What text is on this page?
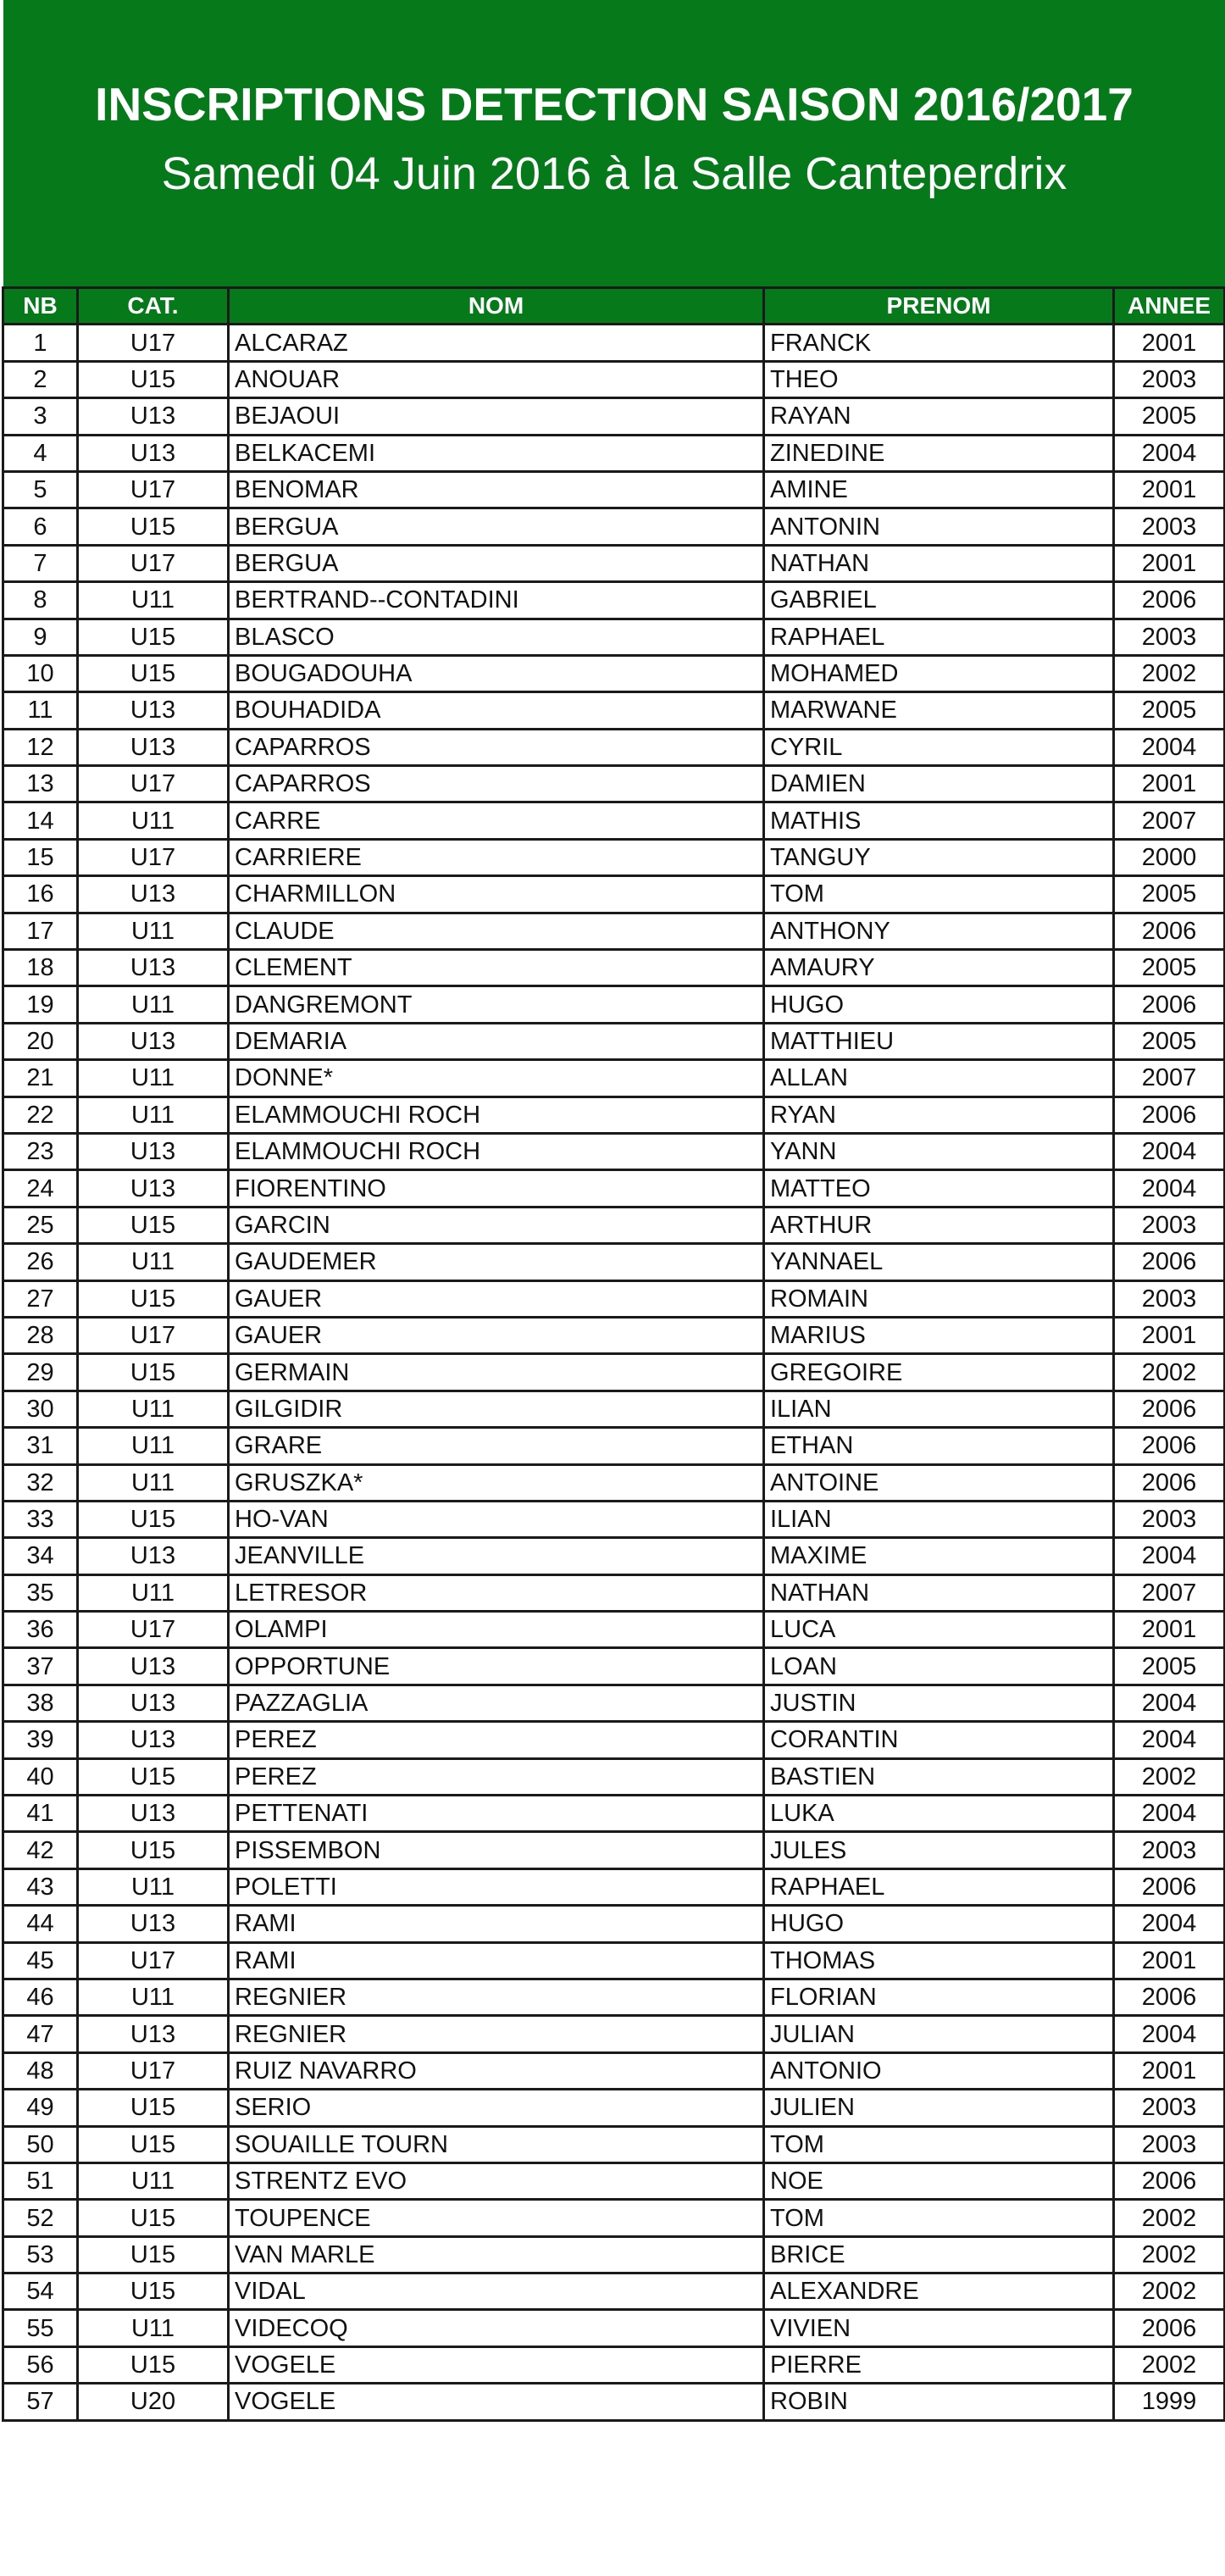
INSCRIPTIONS DETECTION SAISON 2016/2017
Samedi 04 Juin 2016 à la Salle Canteperdrix
NB	CAT.	NOM	PRENOM	ANNEE
1	U17	ALCARAZ	FRANCK	2001
2	U15	ANOUAR	THEO	2003
3	U13	BEJAOUI	RAYAN	2005
4	U13	BELKACEMI	ZINEDINE	2004
5	U17	BENOMAR	AMINE	2001
6	U15	BERGUA	ANTONIN	2003
7	U17	BERGUA	NATHAN	2001
8	U11	BERTRAND--CONTADINI	GABRIEL	2006
9	U15	BLASCO	RAPHAEL	2003
10	U15	BOUGADOUHA	MOHAMED	2002
11	U13	BOUHADIDA	MARWANE	2005
12	U13	CAPARROS	CYRIL	2004
13	U17	CAPARROS	DAMIEN	2001
14	U11	CARRE	MATHIS	2007
15	U17	CARRIERE	TANGUY	2000
16	U13	CHARMILLON	TOM	2005
17	U11	CLAUDE	ANTHONY	2006
18	U13	CLEMENT	AMAURY	2005
19	U11	DANGREMONT	HUGO	2006
20	U13	DEMARIA	MATTHIEU	2005
21	U11	DONNE*	ALLAN	2007
22	U11	ELAMMOUCHI ROCH	RYAN	2006
23	U13	ELAMMOUCHI ROCH	YANN	2004
24	U13	FIORENTINO	MATTEO	2004
25	U15	GARCIN	ARTHUR	2003
26	U11	GAUDEMER	YANNAEL	2006
27	U15	GAUER	ROMAIN	2003
28	U17	GAUER	MARIUS	2001
29	U15	GERMAIN	GREGOIRE	2002
30	U11	GILGIDIR	ILIAN	2006
31	U11	GRARE	ETHAN	2006
32	U11	GRUSZKA*	ANTOINE	2006
33	U15	HO-VAN	ILIAN	2003
34	U13	JEANVILLE	MAXIME	2004
35	U11	LETRESOR	NATHAN	2007
36	U17	OLAMPI	LUCA	2001
37	U13	OPPORTUNE	LOAN	2005
38	U13	PAZZAGLIA	JUSTIN	2004
39	U13	PEREZ	CORANTIN	2004
40	U15	PEREZ	BASTIEN	2002
41	U13	PETTENATI	LUKA	2004
42	U15	PISSEMBON	JULES	2003
43	U11	POLETTI	RAPHAEL	2006
44	U13	RAMI	HUGO	2004
45	U17	RAMI	THOMAS	2001
46	U11	REGNIER	FLORIAN	2006
47	U13	REGNIER	JULIAN	2004
48	U17	RUIZ NAVARRO	ANTONIO	2001
49	U15	SERIO	JULIEN	2003
50	U15	SOUAILLE TOURN	TOM	2003
51	U11	STRENTZ EVO	NOE	2006
52	U15	TOUPENCE	TOM	2002
53	U15	VAN MARLE	BRICE	2002
54	U15	VIDAL	ALEXANDRE	2002
55	U11	VIDECOQ	VIVIEN	2006
56	U15	VOGELE	PIERRE	2002
57	U20	VOGELE	ROBIN	1999
